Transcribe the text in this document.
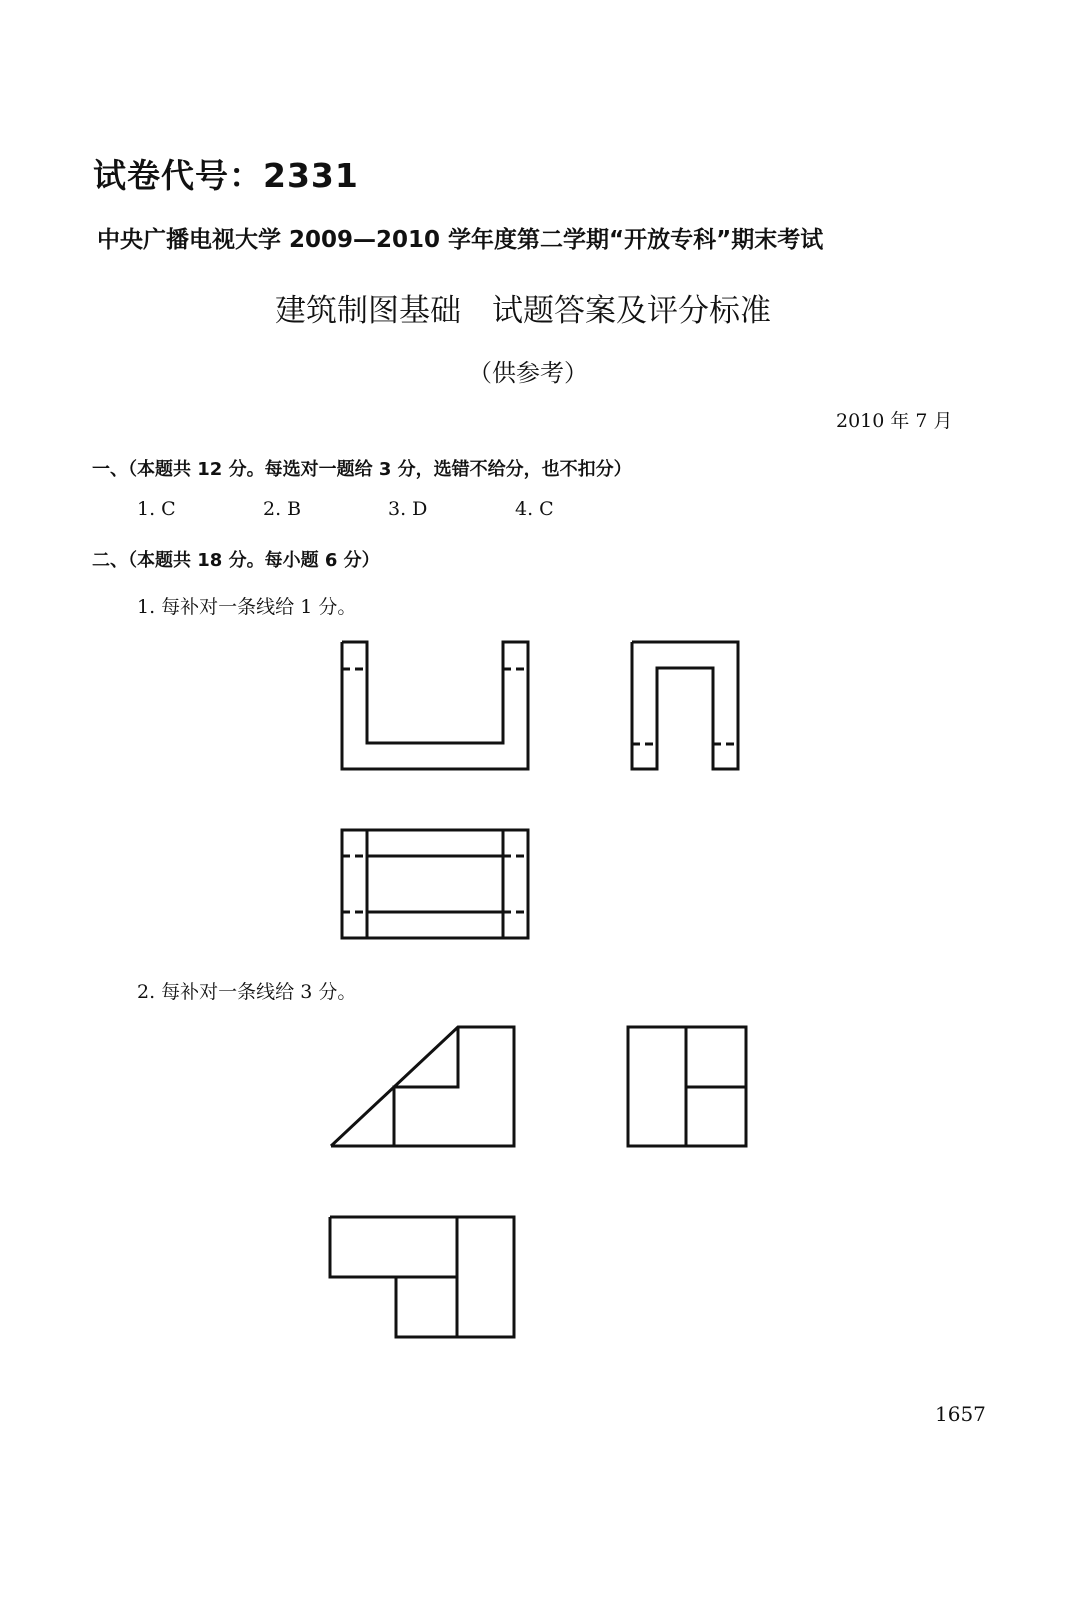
试卷代号：2331
中央广播电视大学 2009—2010 学年度第二学期“开放专科”期末考试
建筑制图基础　试题答案及评分标准
（供参考）
2010 年 7 月
一、（本题共 12 分。每选对一题给 3 分，选错不给分，也不扣分）
1. C	2. B	3. D	4. C
二、（本题共 18 分。每小题 6 分）
1. 每补对一条线给 1 分。
2. 每补对一条线给 3 分。
1657
